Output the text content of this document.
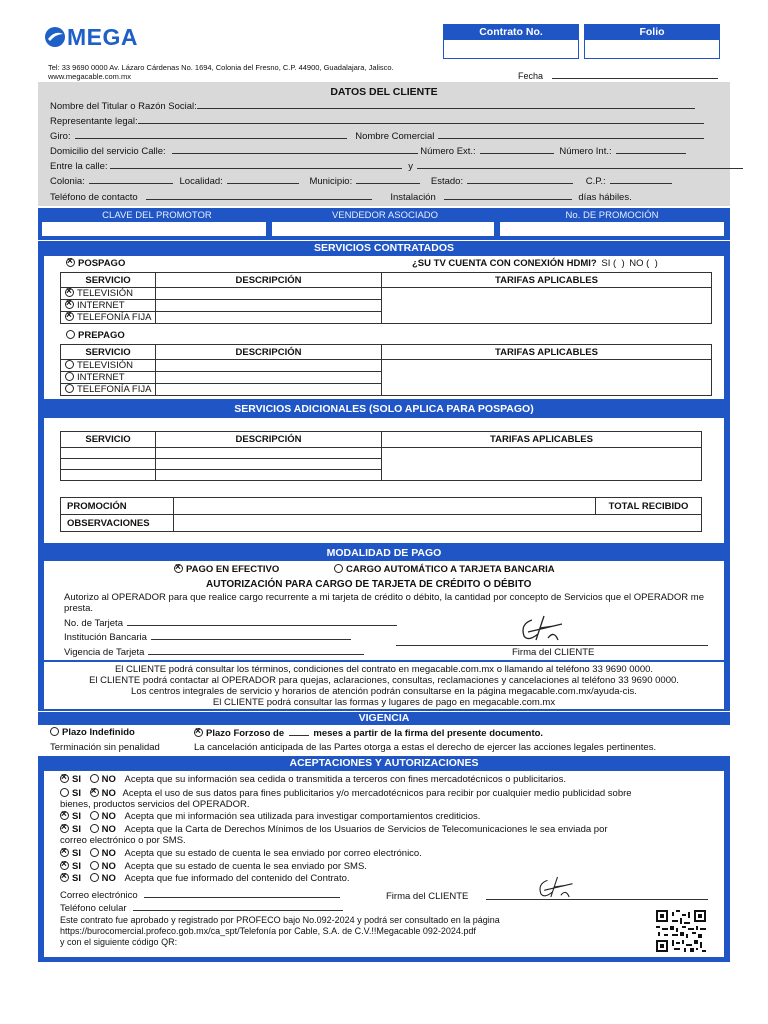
MEGA	Contrato No.	Folio
Tel: 33 9690 0000 Av. Lázaro Cárdenas No. 1694, Colonia del Fresno, C.P. 44900, Guadalajara, Jalisco.
www.megacable.com.mx	Fecha
DATOS DEL CLIENTE
Nombre del Titular o Razón Social:
Representante legal:
Giro:	Nombre Comercial
Domicilio del servicio Calle:	Número Ext.:	Número Int.:
Entre la calle:	y
Colonia:	Localidad:	Municipio:	Estado:	C.P.:
Teléfono de contacto	Instalación	días hábiles.
CLAVE DEL PROMOTOR	VENDEDOR ASOCIADO	No. DE PROMOCIÓN
SERVICIOS CONTRATADOS
×POSPAGO	¿SU TV CUENTA CON CONEXIÓN HDMI? SI (  ) NO (  )
SERVICIO	DESCRIPCIÓN	TARIFAS APLICABLES
×TELEVISIÓN		
×INTERNET	
×TELEFONÍA FIJA	
PREPAGO
SERVICIO	DESCRIPCIÓN	TARIFAS APLICABLES
TELEVISIÓN		
INTERNET		
TELEFONÍA FIJA		
SERVICIOS ADICIONALES (SOLO APLICA PARA POSPAGO)
SERVICIO	DESCRIPCIÓN	TARIFAS APLICABLES

PROMOCIÓN		TOTAL RECIBIDO
OBSERVACIONES		
MODALIDAD DE PAGO
×PAGO EN EFECTIVO	CARGO AUTOMÁTICO A TARJETA BANCARIA
AUTORIZACIÓN PARA CARGO DE TARJETA DE CRÉDITO O DÉBITO
Autorizo al OPERADOR para que realice cargo recurrente a mi tarjeta de crédito o débito, la cantidad por concepto de Servicios que el OPERADOR me presta.
No. de Tarjeta
Institución Bancaria
Vigencia de Tarjeta	Firma del CLIENTE
El CLIENTE podrá consultar los términos, condiciones del contrato en megacable.com.mx o llamando al teléfono 33 9690 0000.
El CLIENTE podrá contactar al OPERADOR para quejas, aclaraciones, consultas, reclamaciones y cancelaciones al teléfono 33 9690 0000.
Los centros integrales de servicio y horarios de atención podrán consultarse en la página megacable.com.mx/ayuda-cis.
El CLIENTE podrá consultar las formas y lugares de pago en megacable.com.mx
VIGENCIA
Plazo Indefinido ×	Plazo Forzoso de	meses a partir de la firma del presente documento.
Terminación sin penalidad	La cancelación anticipada de las Partes otorga a estas el derecho de ejercer las acciones legales pertinentes.
ACEPTACIONES Y AUTORIZACIONES
×SI NO Acepta que su información sea cedida o transmitida a terceros con fines mercadotécnicos o publicitarios.
SI × NO Acepta el uso de sus datos para fines publicitarios y/o mercadotécnicos para recibir por cualquier medio publicidad sobre
bienes, productos servicios del OPERADOR.
×SI NO Acepta que mi información sea utilizada para investigar comportamientos crediticios.
×SI NO Acepta que la Carta de Derechos Mínimos de los Usuarios de Servicios de Telecomunicaciones le sea enviada por
correo electrónico o por SMS.
×SI NO Acepta que su estado de cuenta le sea enviado por correo electrónico.
×SI NO Acepta que su estado de cuenta le sea enviado por SMS.
×SI NO Acepta que fue informado del contenido del Contrato.
Correo electrónico	Firma del CLIENTE
Teléfono celular
Este contrato fue aprobado y registrado por PROFECO bajo No.092-2024 y podrá ser consultado en la página
https://burocomercial.profeco.gob.mx/ca_spt/Telefonía por Cable, S.A. de C.V.!!Megacable 092-2024.pdf
y con el siguiente código QR:
